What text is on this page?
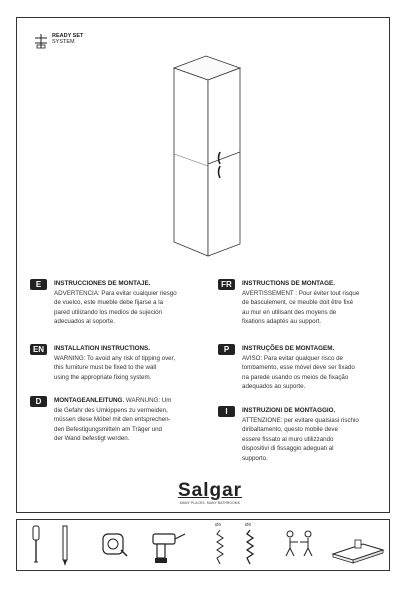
READY SET
SYSTEM
E	INSTRUCCIONES DE MONTAJE.
ADVERTENCIA: Para evitar cualquier riesgo
de vuelco, este mueble debe fijarse a la
pared utilizando los medios de sujeción
adecuados al soporte.
EN	INSTALLATION INSTRUCTIONS.
WARNING: To avoid any risk of tipping over,
this furniture must be fixed to the wall
using the appropriate fixing system.
D	MONTAGEANLEITUNG. WARNUNG: Um
die Gefahr des Umkippens zu vermeiden,
müssen diese Möbel mit den entsprechen-
den Befestigungsmitteln am Träger und
der Wand befestigt werden.
FR	INSTRUCTIONS DE MONTAGE.
AVERTISSEMENT : Pour éviter tout risque
de basculement, ce meuble doit être fixé
au mur en utilisant des moyens de
fixations adaptés au support.
P	INSTRUÇÕES DE MONTAGEM.
AVISO: Para evitar qualquer risco de
tombamento, esse móvel deve ser fixado
na parede usando os meios de fixação
adequados ao suporte.
I	INSTRUZIONI DE MONTAGGIO.
ATTENZIONE: per evitare qualsiasi rischio
diribaltamento, questo mobile deve
essere fissato al muro utilizzando
dispositivi di fissaggio adeguati al
supporto.
Salgar
MANY PLACES. MANY BATHROOMS
Ø5	Ø8
